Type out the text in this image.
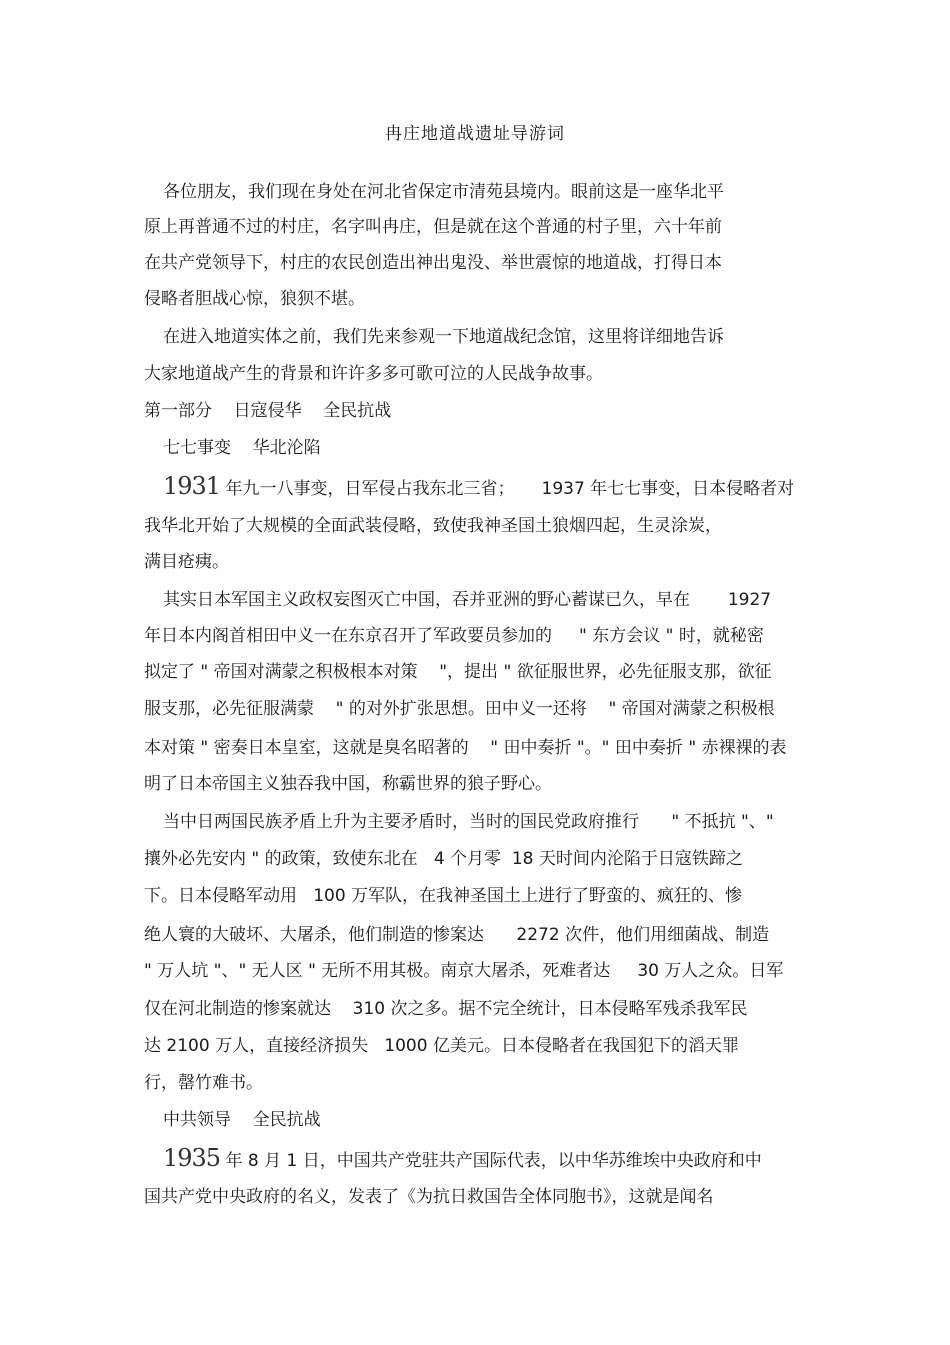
冉庄地道战遗址导游词
各位朋友，我们现在身处在河北省保定市清苑县境内。眼前这是一座华北平
原上再普通不过的村庄，名字叫冉庄，但是就在这个普通的村子里，六十年前
在共产党领导下，村庄的农民创造出神出鬼没、举世震惊的地道战，打得日本
侵略者胆战心惊，狼狈不堪。
在进入地道实体之前，我们先来参观一下地道战纪念馆，这里将详细地告诉
大家地道战产生的背景和许许多多可歌可泣的人民战争故事。
第一部分    日寇侵华    全民抗战
七七事变    华北沦陷
1931 年九一八事变，日军侵占我东北三省；     1937 年七七事变，日本侵略者对
我华北开始了大规模的全面武装侵略，致使我神圣国土狼烟四起，生灵涂炭，
满目疮痍。
其实日本军国主义政权妄图灭亡中国，吞并亚洲的野心蓄谋已久，早在       1927
年日本内阁首相田中义一在东京召开了军政要员参加的     " 东方会议 " 时，就秘密
拟定了 " 帝国对满蒙之积极根本对策    "，提出 " 欲征服世界，必先征服支那，欲征
服支那，必先征服满蒙    " 的对外扩张思想。田中义一还将    " 帝国对满蒙之积极根
本对策 " 密奏日本皇室，这就是臭名昭著的    " 田中奏折 "。" 田中奏折 " 赤裸裸的表
明了日本帝国主义独吞我中国，称霸世界的狼子野心。
当中日两国民族矛盾上升为主要矛盾时，当时的国民党政府推行      " 不抵抗 "、"
攘外必先安内 " 的政策，致使东北在   4 个月零  18 天时间内沦陷于日寇铁蹄之
下。日本侵略军动用   100 万军队，在我神圣国土上进行了野蛮的、疯狂的、惨
绝人寰的大破坏、大屠杀，他们制造的惨案达      2272 次件，他们用细菌战、制造
" 万人坑 "、" 无人区 " 无所不用其极。南京大屠杀，死难者达     30 万人之众。日军
仅在河北制造的惨案就达    310 次之多。据不完全统计，日本侵略军残杀我军民
达 2100 万人，直接经济损失   1000 亿美元。日本侵略者在我国犯下的滔天罪
行，罄竹难书。
中共领导    全民抗战
1935 年 8 月 1 日，中国共产党驻共产国际代表，以中华苏维埃中央政府和中
国共产党中央政府的名义，发表了《为抗日救国告全体同胞书》，这就是闻名
